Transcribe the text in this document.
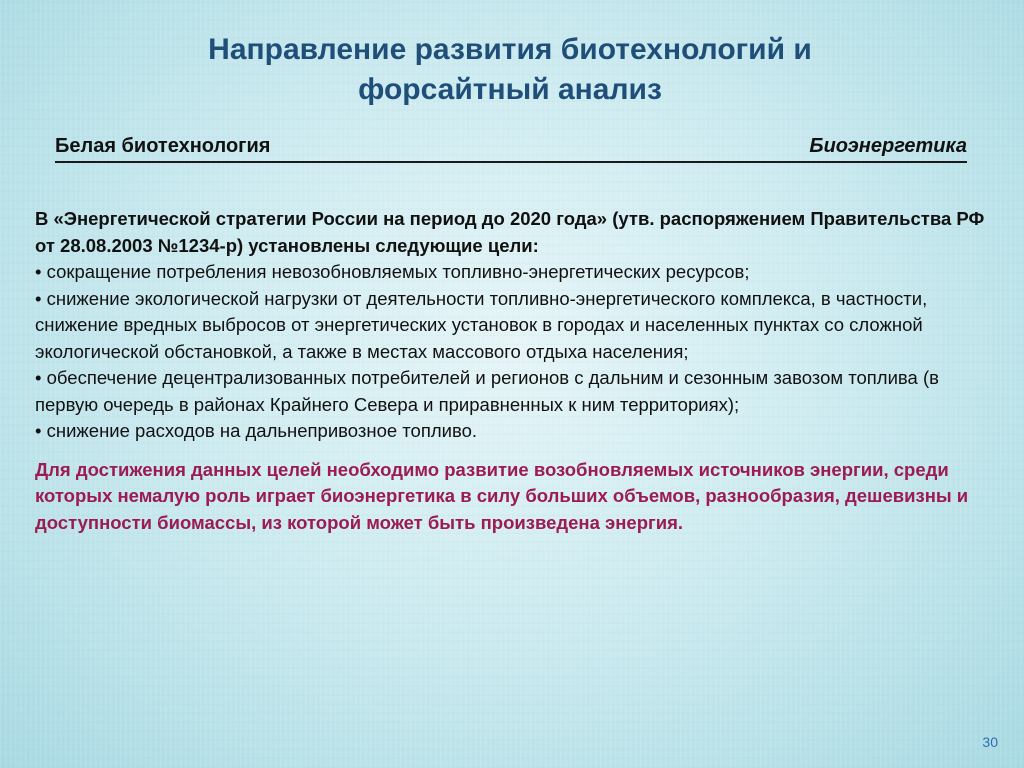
Направление развития биотехнологий и
форсайтный анализ
Белая биотехнология	Биоэнергетика

В «Энергетической стратегии России на период до 2020 года» (утв. распоряжением Правительства РФ от 28.08.2003 №1234-р) установлены следующие цели:

• сокращение потребления невозобновляемых топливно-энергетических ресурсов;

• снижение экологической нагрузки от деятельности топливно-энергетического комплекса, в частности, снижение вредных выбросов от энергетических установок в городах и населенных пунктах со сложной экологической обстановкой, а также в местах массового отдыха населения;

• обеспечение децентрализованных потребителей и регионов с дальним и сезонным завозом топлива (в первую очередь в районах Крайнего Севера и приравненных к ним территориях);

• снижение расходов на дальнепривозное топливо.

Для достижения данных целей необходимо развитие возобновляемых источников энергии, среди которых немалую роль играет биоэнергетика в силу больших объемов, разнообразия, дешевизны и доступности биомассы, из которой может быть произведена энергия.

30
